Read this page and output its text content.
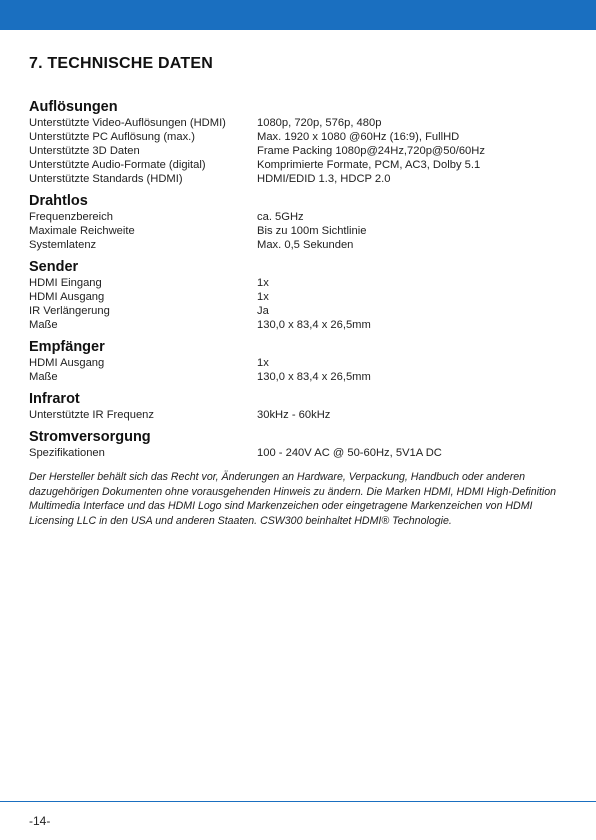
7. TECHNISCHE DATEN
Auflösungen
Unterstützte Video-Auflösungen (HDMI)	1080p, 720p, 576p, 480p
Unterstützte PC Auflösung (max.)	Max. 1920 x 1080 @60Hz (16:9), FullHD
Unterstützte 3D Daten	Frame Packing 1080p@24Hz,720p@50/60Hz
Unterstützte Audio-Formate (digital)	Komprimierte Formate, PCM, AC3, Dolby 5.1
Unterstützte Standards (HDMI)	HDMI/EDID 1.3, HDCP 2.0
Drahtlos
Frequenzbereich	ca. 5GHz
Maximale Reichweite	Bis zu 100m Sichtlinie
Systemlatenz	Max. 0,5 Sekunden
Sender
HDMI Eingang	1x
HDMI Ausgang	1x
IR Verlängerung	Ja
Maße	130,0 x 83,4 x 26,5mm
Empfänger
HDMI Ausgang	1x
Maße	130,0 x 83,4 x 26,5mm
Infrarot
Unterstützte IR Frequenz	30kHz - 60kHz
Stromversorgung
Spezifikationen	100 - 240V AC @ 50-60Hz, 5V1A DC
Der Hersteller behält sich das Recht vor, Änderungen an Hardware, Verpackung, Handbuch oder anderen dazugehörigen Dokumenten ohne vorausgehenden Hinweis zu ändern. Die Marken HDMI, HDMI High-Definition Multimedia Interface und das HDMI Logo sind Markenzeichen oder eingetragene Markenzeichen von HDMI Licensing LLC in den USA und anderen Staaten. CSW300 beinhaltet HDMI® Technologie.
-14-
